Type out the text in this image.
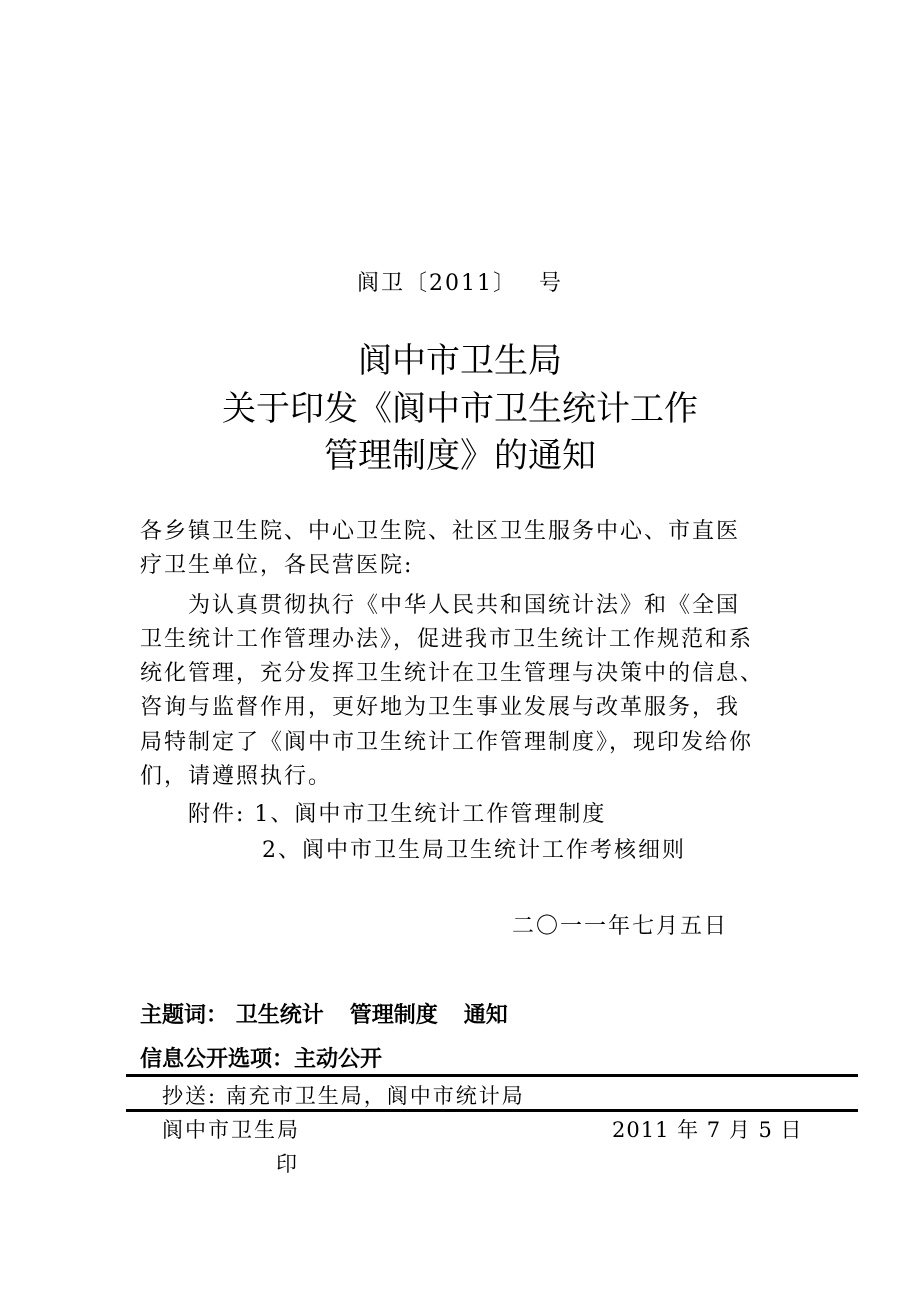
阆卫〔2011〕　 号
阆中市卫生局
关于印发《阆中市卫生统计工作
管理制度》的通知
各乡镇卫生院、中心卫生院、社区卫生服务中心、市直医
疗卫生单位，各民营医院:
为认真贯彻执行《中华人民共和国统计法》和《全国
卫生统计工作管理办法》，促进我市卫生统计工作规范和系
统化管理，充分发挥卫生统计在卫生管理与决策中的信息、
咨询与监督作用，更好地为卫生事业发展与改革服务，我
局特制定了《阆中市卫生统计工作管理制度》，现印发给你
们，请遵照执行。
附件: 1、阆中市卫生统计工作管理制度
2、阆中市卫生局卫生统计工作考核细则
二〇一一年七月五日
主题词： 卫生统计 管理制度 通知
信息公开选项：主动公开
抄送: 南充市卫生局，阆中市统计局
阆中市卫生局	2011 年 7 月 5 日
印
